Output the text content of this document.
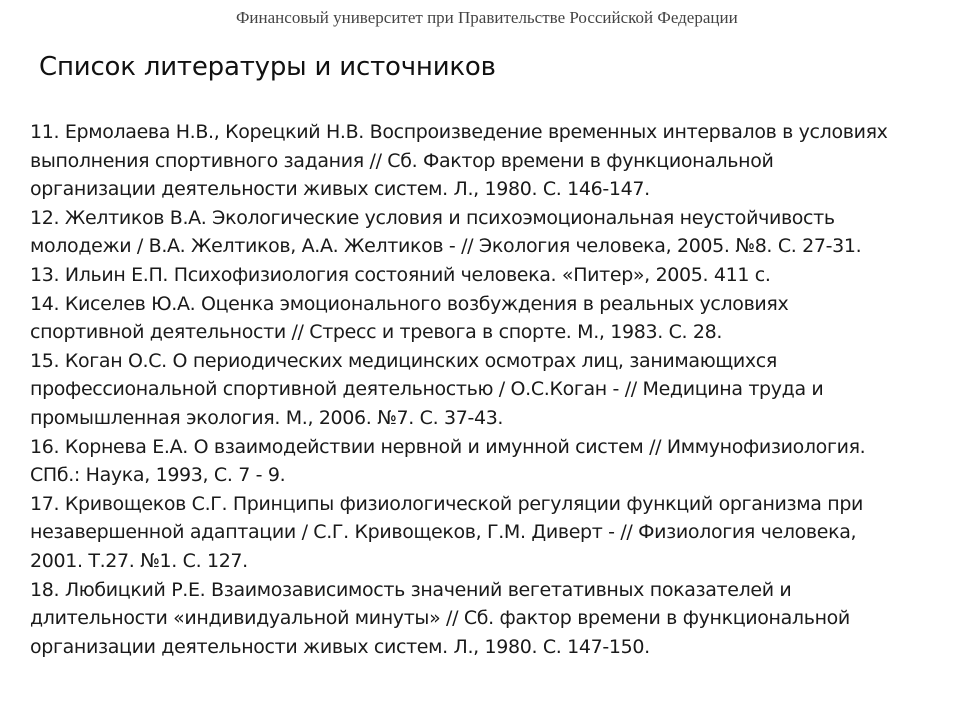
Финансовый университет при Правительстве Российской Федерации
Список литературы и источников
11. Ермолаева Н.В., Корецкий Н.В. Воспроизведение временных интервалов в условиях
выполнения спортивного задания // Сб. Фактор времени в функциональной
организации деятельности живых систем. Л., 1980. С. 146-147.
12. Желтиков В.А. Экологические условия и психоэмоциональная неустойчивость
молодежи / В.А. Желтиков, А.А. Желтиков - // Экология человека, 2005. №8. С. 27-31.
13. Ильин Е.П. Психофизиология состояний человека. «Питер», 2005. 411 с.
14. Киселев Ю.А. Оценка эмоционального возбуждения в реальных условиях
спортивной деятельности // Стресс и тревога в спорте. М., 1983. С. 28.
15. Коган О.С. О периодических медицинских осмотрах лиц, занимающихся
профессиональной спортивной деятельностью / О.С.Коган - // Медицина труда и
промышленная экология. М., 2006. №7. С. 37-43.
16. Корнева Е.А. О взаимодействии нервной и имунной систем // Иммунофизиология.
СПб.: Наука, 1993, С. 7 - 9.
17. Кривощеков С.Г. Принципы физиологической регуляции функций организма при
незавершенной адаптации / С.Г. Кривощеков, Г.М. Диверт - // Физиология человека,
2001. Т.27. №1. С. 127.
18. Любицкий Р.Е. Взаимозависимость значений вегетативных показателей и
длительности «индивидуальной минуты» // Сб. фактор времени в функциональной
организации деятельности живых систем. Л., 1980. С. 147-150.
